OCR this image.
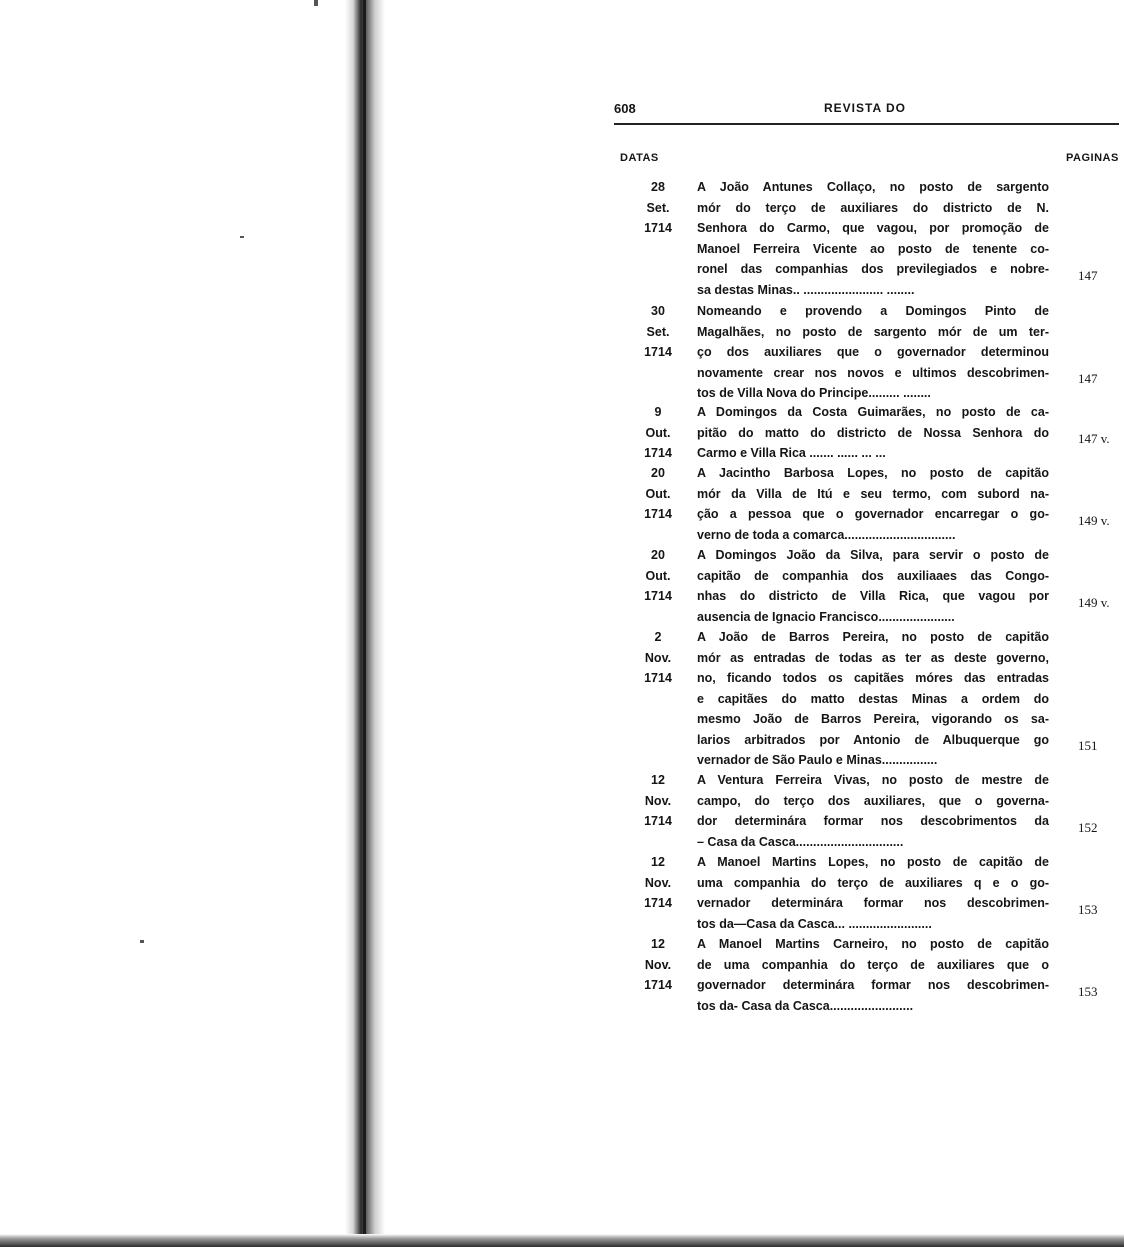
608	REVISTA DO
DATAS	PAGINAS
28
Set.
1714
A João Antunes Collaço, no posto de sargento
mór do terço de auxiliares do districto de N.
Senhora do Carmo, que vagou, por promoção de
Manoel Ferreira Vicente ao posto de tenente co-
ronel das companhias dos previlegiados e nobre-
sa destas Minas.. ....................... ........
147
30
Set.
1714
Nomeando e provendo a Domingos Pinto de
Magalhães, no posto de sargento mór de um ter-
ço dos auxiliares que o governador determinou
novamente crear nos novos e ultimos descobrimen-
tos de Villa Nova do Principe......... ........
147
9
Out.
1714
A Domingos da Costa Guimarães, no posto de ca-
pitão do matto do districto de Nossa Senhora do
Carmo e Villa Rica ....... ...... ... ...
147 v.
20
Out.
1714
A Jacintho Barbosa Lopes, no posto de capitão
mór da Villa de Itú e seu termo, com subord na-
ção a pessoa que o governador encarregar o go-
verno de toda a comarca................................
149 v.
20
Out.
1714
A Domingos João da Silva, para servir o posto de
capitão de companhia dos auxiliaaes das Congo-
nhas do districto de Villa Rica, que vagou por
ausencia de Ignacio Francisco......................
149 v.
2
Nov.
1714
A João de Barros Pereira, no posto de capitão
mór as entradas de todas as ter as deste governo,
no, ficando todos os capitães móres das entradas
e capitães do matto destas Minas a ordem do
mesmo João de Barros Pereira, vigorando os sa-
larios arbitrados por Antonio de Albuquerque go
vernador de São Paulo e Minas................
151
12
Nov.
1714
A Ventura Ferreira Vivas, no posto de mestre de
campo, do terço dos auxiliares, que o governa-
dor determinára formar nos descobrimentos da
– Casa da Casca...............................
152
12
Nov.
1714
A Manoel Martins Lopes, no posto de capitão de
uma companhia do terço de auxiliares q e o go-
vernador determinára formar nos descobrimen-
tos da—Casa da Casca... ........................
153
12
Nov.
1714
A Manoel Martins Carneiro, no posto de capitão
de uma companhia do terço de auxiliares que o
governador determinára formar nos descobrimen-
tos da- Casa da Casca........................
153
